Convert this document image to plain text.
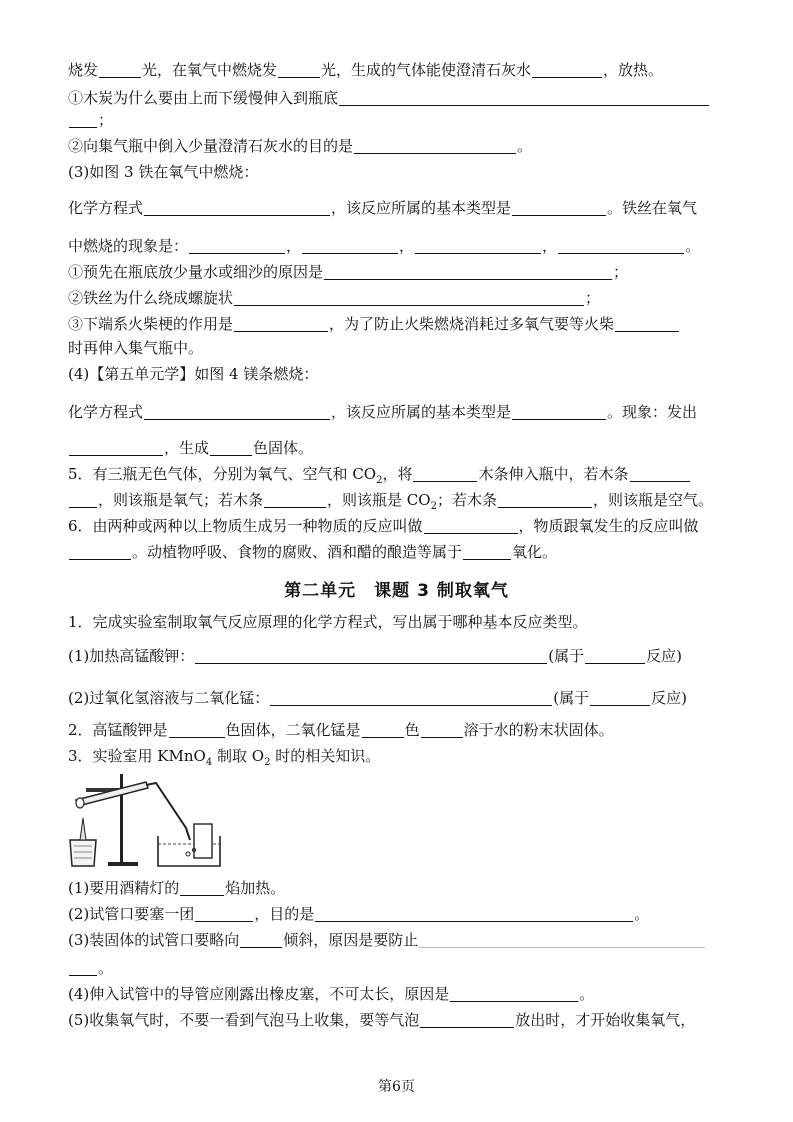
烧发	光，在氧气中燃烧发	光，生成的气体能使澄清石灰水	，放热。
①木炭为什么要由上而下缓慢伸入到瓶底
；
②向集气瓶中倒入少量澄清石灰水的目的是	。
(3)如图 3 铁在氧气中燃烧：
化学方程式	，该反应所属的基本类型是	。铁丝在氧气
中燃烧的现象是：	，	，	，	。
①预先在瓶底放少量水或细沙的原因是	；
②铁丝为什么绕成螺旋状	；
③下端系火柴梗的作用是	，为了防止火柴燃烧消耗过多氧气要等火柴
时再伸入集气瓶中。
(4)【第五单元学】如图 4 镁条燃烧：
化学方程式	，该反应所属的基本类型是	。现象：发出
，生成	色固体。
5．有三瓶无色气体，分别为氧气、空气和 $CO_2$，将	木条伸入瓶中，若木条
，则该瓶是氧气；若木条	，则该瓶是 $CO_2$；若木条	，则该瓶是空气。
6．由两种或两种以上物质生成另一种物质的反应叫做	，物质跟氧发生的反应叫做
。动植物呼吸、食物的腐败、酒和醋的酿造等属于	氧化。
第二单元　课题 3 制取氧气
1．完成实验室制取氧气反应原理的化学方程式，写出属于哪种基本反应类型。
(1)加热高锰酸钾：	(属于	反应)
(2)过氧化氢溶液与二氧化锰：	(属于	反应)
2．高锰酸钾是	色固体，二氧化锰是	色	溶于水的粉末状固体。
3．实验室用 KMnO$_4$ 制取 $O_2$ 时的相关知识。
(1)要用酒精灯的	焰加热。
(2)试管口要塞一团	，目的是	。
(3)装固体的试管口要略向	倾斜，原因是要防止
。
(4)伸入试管中的导管应刚露出橡皮塞，不可太长，原因是	。
(5)收集氧气时，不要一看到气泡马上收集，要等气泡	放出时，才开始收集氧气，
第6页
